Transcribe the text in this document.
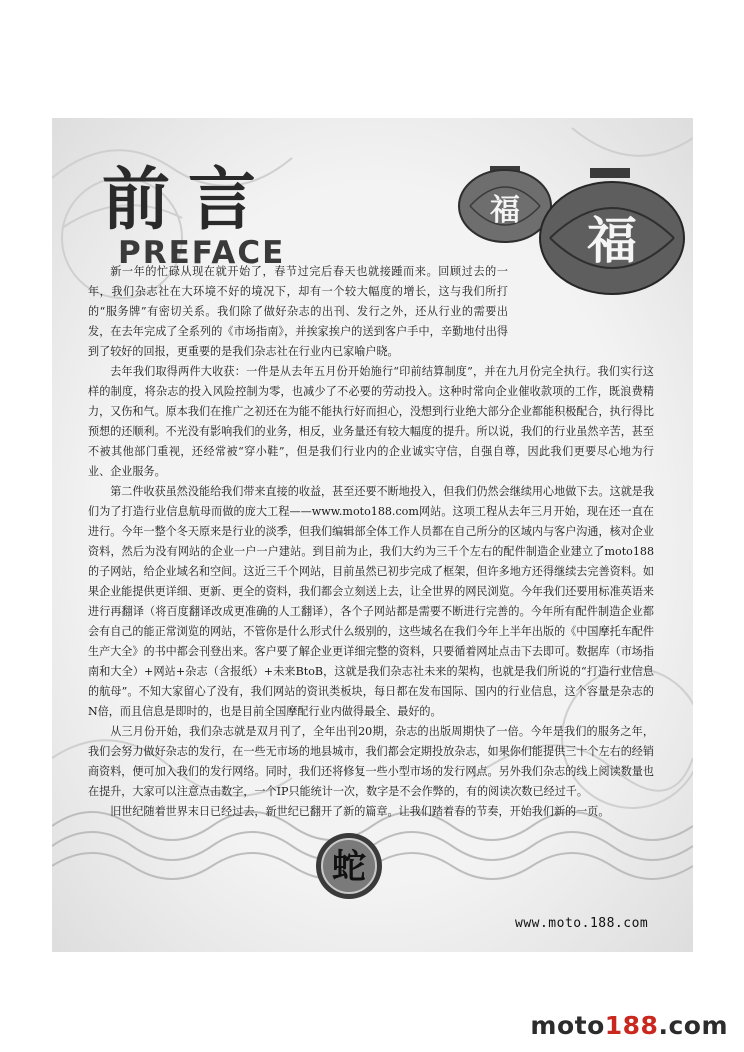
前言
PREFACE
福
福

新一年的忙碌从现在就开始了，春节过完后春天也就接踵而来。回顾过去的一年，我们杂志社在大环境不好的境况下，却有一个较大幅度的增长，这与我们所打的“服务牌”有密切关系。我们除了做好杂志的出刊、发行之外，还从行业的需要出发，在去年完成了全系列的《市场指南》，并挨家挨户的送到客户手中，辛勤地付出得到了较好的回报，更重要的是我们杂志社在行业内已家喻户晓。

去年我们取得两件大收获：一件是从去年五月份开始施行“印前结算制度”，并在九月份完全执行。我们实行这样的制度，将杂志的投入风险控制为零，也减少了不必要的劳动投入。这种时常向企业催收款项的工作，既浪费精力，又伤和气。原本我们在推广之初还在为能不能执行好而担心，没想到行业绝大部分企业都能积极配合，执行得比预想的还顺利。不光没有影响我们的业务，相反，业务量还有较大幅度的提升。所以说，我们的行业虽然辛苦，甚至不被其他部门重视，还经常被“穿小鞋”，但是我们行业内的企业诚实守信，自强自尊，因此我们更要尽心地为行业、企业服务。

第二件收获虽然没能给我们带来直接的收益，甚至还要不断地投入，但我们仍然会继续用心地做下去。这就是我们为了打造行业信息航母而做的庞大工程——www.moto188.com网站。这项工程从去年三月开始，现在还一直在进行。今年一整个冬天原来是行业的淡季，但我们编辑部全体工作人员都在自己所分的区域内与客户沟通，核对企业资料，然后为没有网站的企业一户一户建站。到目前为止，我们大约为三千个左右的配件制造企业建立了moto188的子网站，给企业域名和空间。这近三千个网站，目前虽然已初步完成了框架，但许多地方还得继续去完善资料。如果企业能提供更详细、更新、更全的资料，我们都会立刻送上去，让全世界的网民浏览。今年我们还要用标准英语来进行再翻译（将百度翻译改成更准确的人工翻译），各个子网站都是需要不断进行完善的。今年所有配件制造企业都会有自己的能正常浏览的网站，不管你是什么形式什么级别的，这些域名在我们今年上半年出版的《中国摩托车配件生产大全》的书中都会刊登出来。客户要了解企业更详细完整的资料，只要循着网址点击下去即可。数据库（市场指南和大全）+网站+杂志（含报纸）+未来BtoB，这就是我们杂志社未来的架构，也就是我们所说的“打造行业信息的航母”。不知大家留心了没有，我们网站的资讯类板块，每日都在发布国际、国内的行业信息，这个容量是杂志的N倍，而且信息是即时的，也是目前全国摩配行业内做得最全、最好的。

从三月份开始，我们杂志就是双月刊了，全年出刊20期，杂志的出版周期快了一倍。今年是我们的服务之年，我们会努力做好杂志的发行，在一些无市场的地县城市，我们都会定期投放杂志，如果你们能提供三十个左右的经销商资料，便可加入我们的发行网络。同时，我们还将修复一些小型市场的发行网点。另外我们杂志的线上阅读数量也在提升，大家可以注意点击数字，一个IP只能统计一次，数字是不会作弊的，有的阅读次数已经过千。

旧世纪随着世界末日已经过去，新世纪已翻开了新的篇章。让我们踏着春的节奏，开始我们新的一页。

蛇
www.moto.188.com
moto188.com
